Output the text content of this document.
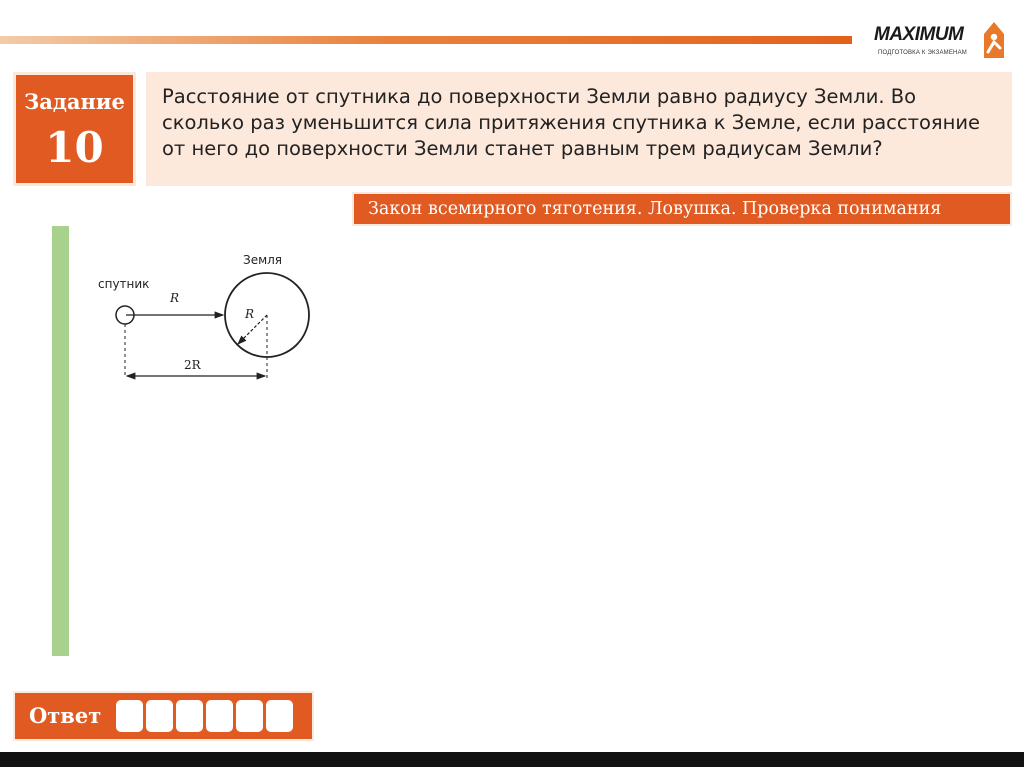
MAXIMUM
ПОДГОТОВКА К ЭКЗАМЕНАМ
Задание
10
Расстояние от спутника до поверхности Земли равно радиусу Земли. Во сколько раз уменьшится сила притяжения спутника к Земле, если расстояние от него до поверхности Земли станет равным трем радиусам Земли?
Закон всемирного тяготения. Ловушка. Проверка понимания
спутник
Земля
R
R
2R
Ответ
